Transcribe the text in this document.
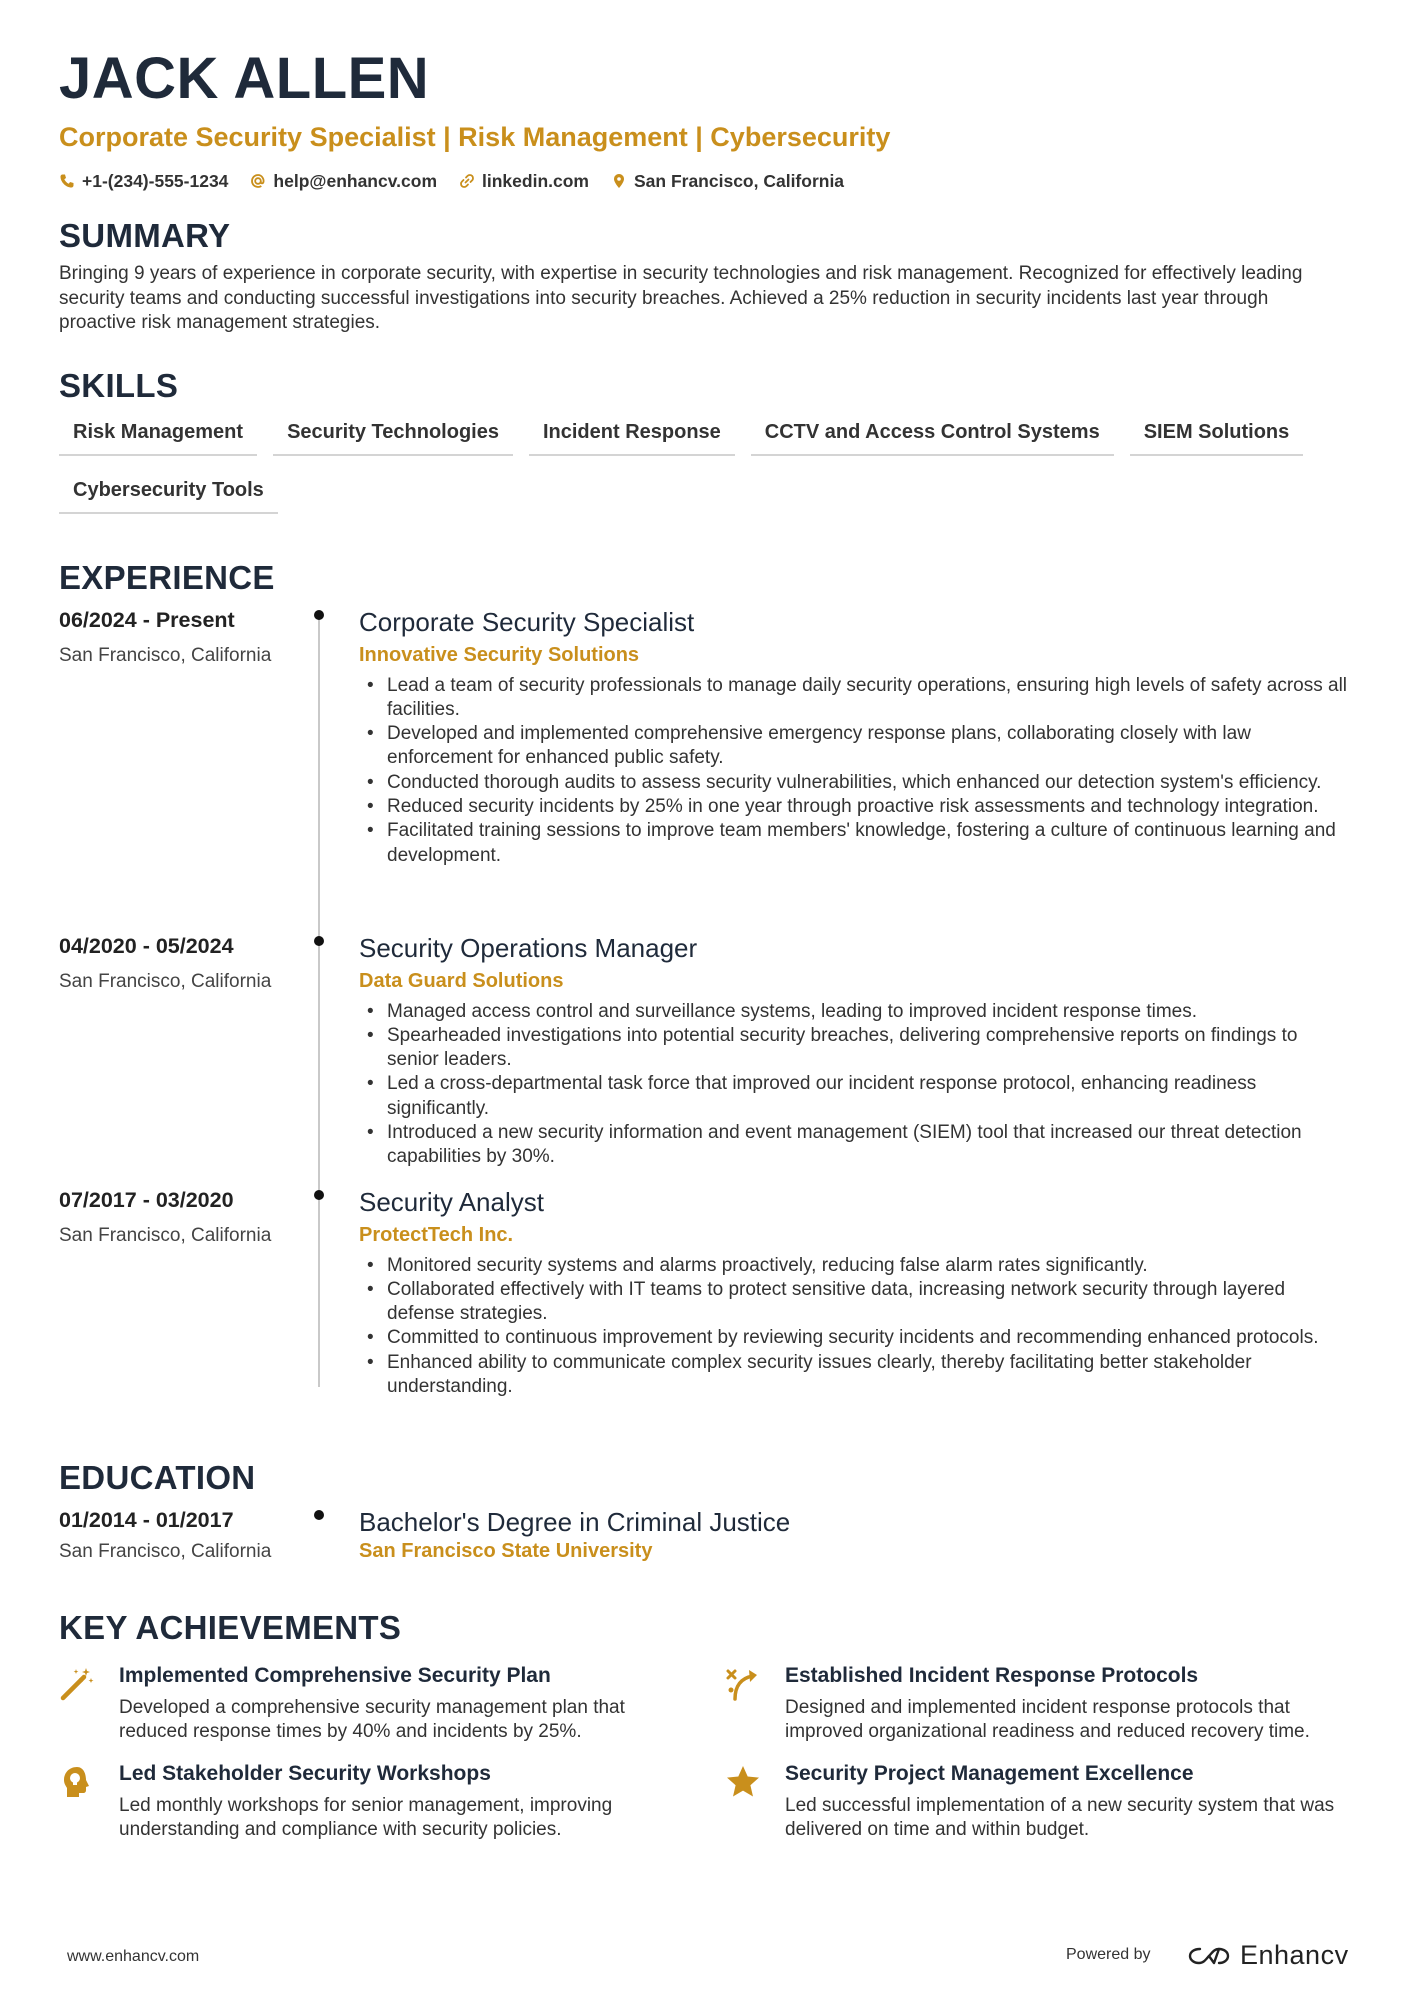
JACK ALLEN
Corporate Security Specialist | Risk Management | Cybersecurity
+1-(234)-555-1234	help@enhancv.com	linkedin.com	San Francisco, California
SUMMARY
Bringing 9 years of experience in corporate security, with expertise in security technologies and risk management. Recognized for effectively leading security teams and conducting successful investigations into security breaches. Achieved a 25% reduction in security incidents last year through proactive risk management strategies.
SKILLS
Risk Management	Security Technologies	Incident Response	CCTV and Access Control Systems	SIEM Solutions
Cybersecurity Tools
EXPERIENCE
06/2024 - Present
San Francisco, California
Corporate Security Specialist
Innovative Security Solutions
• Lead a team of security professionals to manage daily security operations, ensuring high levels of safety across all facilities.
• Developed and implemented comprehensive emergency response plans, collaborating closely with law enforcement for enhanced public safety.
• Conducted thorough audits to assess security vulnerabilities, which enhanced our detection system's efficiency.
• Reduced security incidents by 25% in one year through proactive risk assessments and technology integration.
• Facilitated training sessions to improve team members' knowledge, fostering a culture of continuous learning and development.
04/2020 - 05/2024
San Francisco, California
Security Operations Manager
Data Guard Solutions
• Managed access control and surveillance systems, leading to improved incident response times.
• Spearheaded investigations into potential security breaches, delivering comprehensive reports on findings to senior leaders.
• Led a cross-departmental task force that improved our incident response protocol, enhancing readiness significantly.
• Introduced a new security information and event management (SIEM) tool that increased our threat detection capabilities by 30%.
07/2017 - 03/2020
San Francisco, California
Security Analyst
ProtectTech Inc.
• Monitored security systems and alarms proactively, reducing false alarm rates significantly.
• Collaborated effectively with IT teams to protect sensitive data, increasing network security through layered defense strategies.
• Committed to continuous improvement by reviewing security incidents and recommending enhanced protocols.
• Enhanced ability to communicate complex security issues clearly, thereby facilitating better stakeholder understanding.
EDUCATION
01/2014 - 01/2017
San Francisco, California
Bachelor's Degree in Criminal Justice
San Francisco State University
KEY ACHIEVEMENTS
Implemented Comprehensive Security Plan
Developed a comprehensive security management plan that reduced response times by 40% and incidents by 25%.
Established Incident Response Protocols
Designed and implemented incident response protocols that improved organizational readiness and reduced recovery time.
Led Stakeholder Security Workshops
Led monthly workshops for senior management, improving understanding and compliance with security policies.
Security Project Management Excellence
Led successful implementation of a new security system that was delivered on time and within budget.
www.enhancv.com	Powered by	Enhancv
